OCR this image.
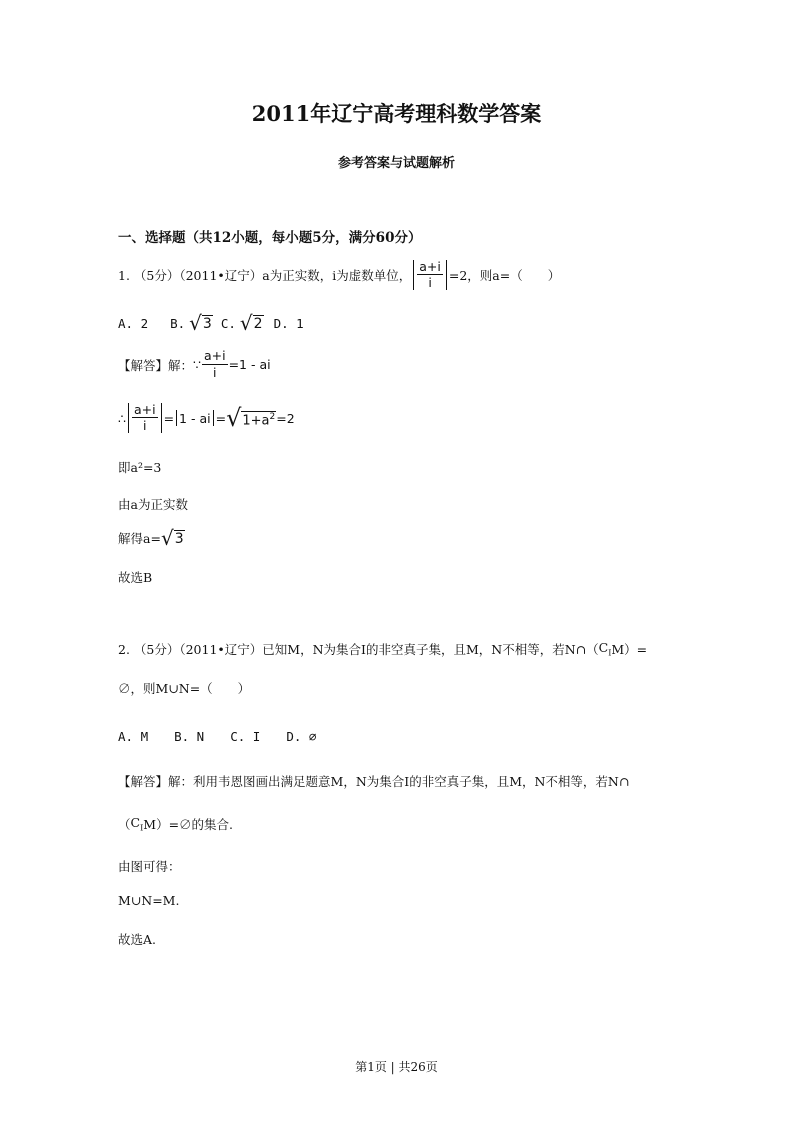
2011年辽宁高考理科数学答案
参考答案与试题解析
一、选择题（共12小题，每小题5分，满分60分）
1. （5分）（2011•辽宁）a为正实数，i为虚数单位， $\frac{a+i}{i} =2$，则a=（　　）
A. 2 B. √ 3 C. √ 2 D. 1
【解答】解： ∵ $\frac{a+i}{i} =1$ - ai
∴ $\frac{a+i}{i} = 1$ - ai = √ $1+a^2 =2$
即a²=3
由a为正实数
解得a= √ 3
故选B
2. （5分）（2011•辽宁）已知M，N为集合I的非空真子集，且M，N不相等，若N∩（ $C_I$ M）=
∅，则M∪N=（　　）
A. M B. N C. I D. ∅
【解答】解： 利用韦恩图画出满足题意M，N为集合I的非空真子集，且M，N不相等，若N∩
（ $C_I$ M）=∅的集合.
由图可得：
M∪N=M.
故选A.
第1页 | 共26页
